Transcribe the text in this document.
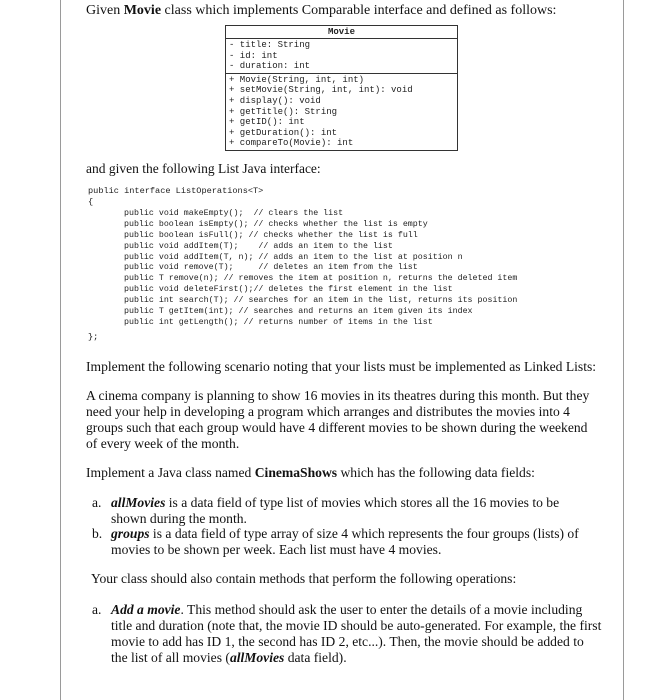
Given Movie class which implements Comparable interface and defined as follows:
Movie
- title: String
- id: int
- duration: int
+ Movie(String, int, int)
+ setMovie(String, int, int): void
+ display(): void
+ getTitle(): String
+ getID(): int
+ getDuration(): int
+ compareTo(Movie): int
and given the following List Java interface:
public interface ListOperations<T>
{
public void makeEmpty();  // clears the list
public boolean isEmpty(); // checks whether the list is empty
public boolean isFull(); // checks whether the list is full
public void addItem(T);    // adds an item to the list
public void addItem(T, n); // adds an item to the list at position n
public void remove(T);     // deletes an item from the list
public T remove(n); // removes the item at position n, returns the deleted item
public void deleteFirst();// deletes the first element in the list
public int search(T); // searches for an item in the list, returns its position
public T getItem(int); // searches and returns an item given its index
public int getLength(); // returns number of items in the list
};
Implement the following scenario noting that your lists must be implemented as Linked Lists:
A cinema company is planning to show 16 movies in its theatres during this month. But they need your help in developing a program which arranges and distributes the movies into 4 groups such that each group would have 4 different movies to be shown during the weekend of every week of the month.
Implement a Java class named CinemaShows which has the following data fields:
a. allMovies is a data field of type list of movies which stores all the 16 movies to be shown during the month.
b. groups is a data field of type array of size 4 which represents the four groups (lists) of movies to be shown per week. Each list must have 4 movies.
Your class should also contain methods that perform the following operations:
a. Add a movie. This method should ask the user to enter the details of a movie including title and duration (note that, the movie ID should be auto-generated. For example, the first movie to add has ID 1, the second has ID 2, etc...). Then, the movie should be added to the list of all movies (allMovies data field).
